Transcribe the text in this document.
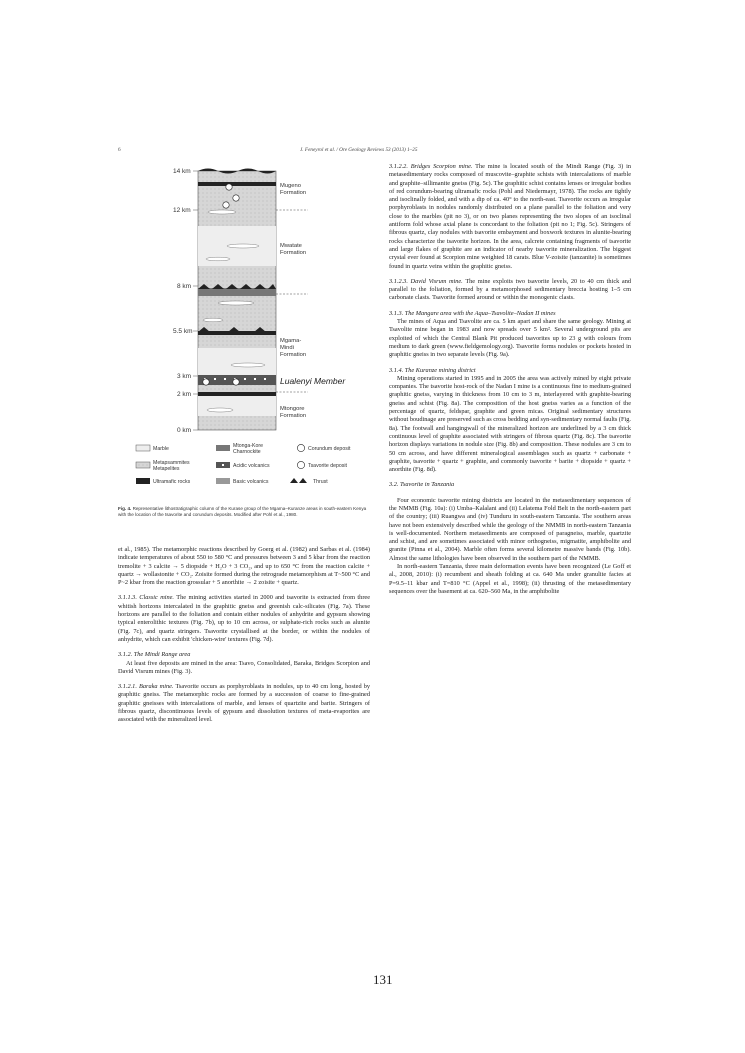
6	J. Feneyrol et al. / Ore Geology Reviews 53 (2013) 1–25
14 km
12 km
8 km
5.5 km
3 km
2 km
0 km
Mugeno Formation
Mwatate Formation
Mgama-Mindi Formation
Mtongore Formation
Lualenyi Member
Marble	Mtonga-Kore Charnockite	Corundum deposit
Metapsammites Metapelites	Acidic volcanics	Tsavorite deposit
Ultramafic rocks	Basic volcanics	Thrust
Fig. 4. Representative lithostratigraphic column of the Kurase group of the Mgama–Kuranze areas in south-eastern Kenya with the location of the tsavorite and corundum deposits. Modified after Pohl et al., 1980.

et al., 1985). The metamorphic reactions described by Goerg et al. (1982) and Sarbas et al. (1984) indicate temperatures of about 550 to 580 °C and pressures between 3 and 5 kbar from the reaction tremolite + 3 calcite → 5 diopside + H₂O + 3 CO₂, and up to 650 °C from the reaction calcite + quartz → wollastonite + CO₂. Zoisite formed during the retrograde metamorphism at T~500 °C and P~2 kbar from the reaction grossular + 5 anorthite → 2 zoisite + quartz.

3.1.1.3. Classic mine. The mining activities started in 2000 and tsavorite is extracted from three whitish horizons intercalated in the graphitic gneiss and greenish calc-silicates (Fig. 7a). These horizons are parallel to the foliation and contain either nodules of anhydrite and gypsum showing typical enterolithic textures (Fig. 7b), up to 10 cm across, or sulphate-rich rocks such as alunite (Fig. 7c), and quartz stringers. Tsavorite crystallised at the border, or within the nodules of anhydrite, which can exhibit 'chicken-wire' textures (Fig. 7d).

3.1.2. The Mindi Range area

At least five deposits are mined in the area: Tsavo, Consolidated, Baraka, Bridges Scorpion and David Visrum mines (Fig. 3).

3.1.2.1. Baraka mine. Tsavorite occurs as porphyroblasts in nodules, up to 40 cm long, hosted by graphitic gneiss. The metamorphic rocks are formed by a succession of coarse to fine-grained graphitic gneisses with intercalations of marble, and lenses of quartzite and barite. Stringers of fibrous quartz, discontinuous levels of gypsum and dissolution textures of meta-evaporites are associated with the mineralized level.

3.1.2.2. Bridges Scorpion mine. The mine is located south of the Mindi Range (Fig. 3) in metasedimentary rocks composed of muscovite–graphite schists with intercalations of marble and graphite–sillimanite gneiss (Fig. 5c). The graphitic schist contains lenses or irregular bodies of red corundum-bearing ultramafic rocks (Pohl and Niedermayr, 1978). The rocks are tightly and isoclinally folded, and with a dip of ca. 40° to the north-east. Tsavorite occurs as irregular porphyroblasts in nodules randomly distributed on a plane parallel to the foliation and very close to the marbles (pit no 3), or on two planes representing the two slopes of an isoclinal antiform fold whose axial plane is concordant to the foliation (pit no 1; Fig. 5c). Stringers of fibrous quartz, clay nodules with tsavorite embayment and boxwork textures in alunite-bearing rocks characterize the tsavorite horizon. In the area, calcrete containing fragments of tsavorite and large flakes of graphite are an indicator of nearby tsavorite mineralization. The biggest crystal ever found at Scorpion mine weighted 18 carats. Blue V-zoisite (tanzanite) is sometimes found in quartz veins within the graphitic gneiss.

3.1.2.3. David Visrum mine. The mine exploits two tsavorite levels, 20 to 40 cm thick and parallel to the foliation, formed by a metamorphosed sedimentary breccia hosting 1–5 cm carbonate clasts. Tsavorite formed around or within the monogenic clasts.

3.1.3. The Mangare area with the Aqua–Tsavolite–Nadan II mines

The mines of Aqua and Tsavolite are ca. 5 km apart and share the same geology. Mining at Tsavolite mine began in 1983 and now spreads over 5 km². Several underground pits are exploited of which the Central Blank Pit produced tsavorites up to 23 g with colours from medium to dark green (www.fieldgemology.org). Tsavorite forms nodules or pockets hosted in graphitic gneiss in two separate levels (Fig. 9a).

3.1.4. The Kuranze mining district

Mining operations started in 1995 and in 2005 the area was actively mined by eight private companies. The tsavorite host-rock of the Nadan I mine is a continuous fine to medium-grained graphitic gneiss, varying in thickness from 10 cm to 3 m, interlayered with graphite-bearing gneiss and schist (Fig. 8a). The composition of the host gneiss varies as a function of the percentage of quartz, feldspar, graphite and green micas. Original sedimentary structures without boudinage are preserved such as cross bedding and syn-sedimentary normal faults (Fig. 8a). The footwall and hangingwall of the mineralized horizon are underlined by a 3 cm thick continuous level of graphite associated with stringers of fibrous quartz (Fig. 8c). The tsavorite horizon displays variations in nodule size (Fig. 8b) and composition. These nodules are 3 cm to 50 cm across, and have different mineralogical assemblages such as quartz + carbonate + graphite, tsavorite + quartz + graphite, and commonly tsavorite + barite + diopside + quartz + anorthite (Fig. 8d).

3.2. Tsavorite in Tanzania

Four economic tsavorite mining districts are located in the metasedimentary sequences of the NMMB (Fig. 10a): (i) Umba–Kalalani and (ii) Lelatema Fold Belt in the north-eastern part of the country; (iii) Ruangwa and (iv) Tunduru in south-eastern Tanzania. The southern areas have not been extensively described while the geology of the NMMB in north-eastern Tanzania is well-documented. Northern metasediments are composed of paragneiss, marble, quartzite and schist, and are sometimes associated with minor orthogneiss, migmatite, amphibolite and granite (Pinna et al., 2004). Marble often forms several kilometre massive bands (Fig. 10b). Almost the same lithologies have been observed in the southern part of the NMMB.

In north-eastern Tanzania, three main deformation events have been recognized (Le Goff et al., 2008, 2010): (i) recumbent and sheath folding at ca. 640 Ma under granulite facies at P=9.5–11 kbar and T=810 °C (Appel et al., 1998); (ii) thrusting of the metasedimentary sequences over the basement at ca. 620–560 Ma, in the amphibolite

131
